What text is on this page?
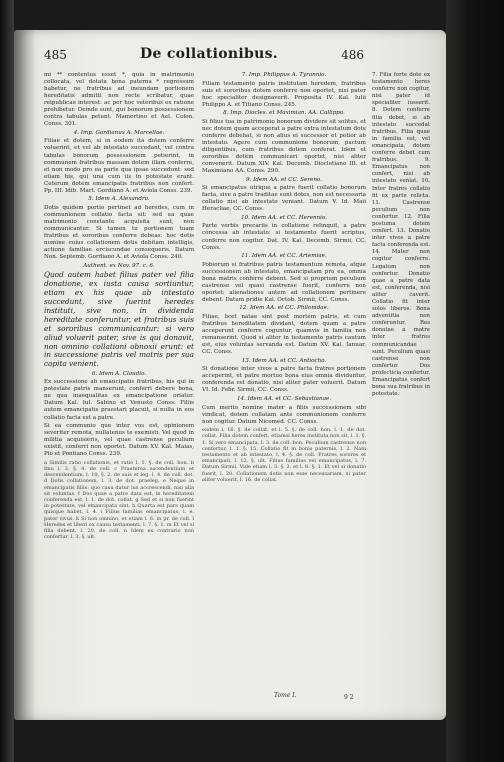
485	De collationibus.	486

mi ** contentus esset *, quia in matrimonio collocata, vel dotata bona paterna * regressum habetur, ne fratribus ad ineundam portionem hereditatis admitti non recte scribatur, quae reipublicae interest: ac per hoc veteribus ex ratione prohibetur. Deinde sunt, qui bonorum possessionem contra tabulas petunt. Mamertino et Ael. Colon. Conss. 301.

4. Imp. Gordianus A. Marcellae.

Filiae et dotem, si in eodem ita dotem conferre voluerint, et vel ab intestato succedant, vel contra tabulas bonorum possessionem petierint, in communem fratribus massam dotem illam conferre, et non modo pro ea parte qua ipsae succedunt: sed etiam his, qui una cum iis in potestate erant. Ceterum dotem emancipatis fratribus non confert. Pp. III. Idib. Mart. Gordiano A. et Aviola Conss. 239.

5. Idem A. Alexandro.

Dotis quidem portio pertinet ad heredes, cum in communionem collatio facta sit: sed ea quae matrimonio constante acquisita sunt, non communicantur. Si tamen tu portionem tuam fratribus et sororibus conferre debeas: hoc dotis nomine cuius collationem dotis debitam intelligis, actione familiae erciscundae consequeris. Datum Non. Septemb. Gordiano A. et Aviola Conss. 240.

Authent. ex Nov. 97. c. 6.

Quod autem habet filius pater vel filia donatione, ex iusta causa sortiuntur, etiam ex his quae ab intestato succedunt, sive fuerint heredes instituti, sive non, in dividenda hereditate conferuntur, et fratribus suis et sororibus communicantur: si vero aliud voluerit pater, sive is qui donavit, non omnino collationi obnoxii erunt: et in successione patris vel matris per sua capita venient.

6. Idem A. Claudio.

Ex successione ab emancipatis fratribus, his qui in potestate patris manserunt, conferri debere bona, ne qua inaequalitas ex emancipatione oriatur. Datum Kal. Iul. Sabino et Venusto Conss. Filiis autem emancipatis praestari placuit, si nulla in eos collatio facta est a patre.

Si ea communio que inter vos est, opinionem severiter remota, nullatenus te exemisti. Vel quod in militia acquisieris, vel quae castrense peculium existit, conferri non oportet. Datum XV. Kal. Maias, Pio et Pontiano Conss. 239.

a Similis ratio collationis, et ratio l. 1. §. de coll. bon. b Imo l. 3. §. 4. de coll. c Praeterea ascendentium et descendentium, l. 10. §. 2. de suis et leg. l. 4. de coll. dot. d Dotis collationem, l. 3. de dot. praeleg. e Neque in emancipatis filiis: quo casu datur ius accrescendi, nisi alia sit voluntas. f Dos quae a patre data est, in hereditatem conferenda est, l. 1. de dot. collat. g Sed et si non fuerint in potestate, vel emancipata sint. h Quarta est pars quam quisque habet, l. 4. i Filius familias emancipatus, i. e. pater vivus. k Si non omnino, et etiam l. 6. in pr. de coll. l Heredes et liberi ex causa testamenti, l. 7. §. 1. m Et vel si filia debent, l. 20. de coll. n Idem ex contrario non confertur, l. 3. §. ult.

7. Imp. Philippus A. Tyrannio.

Filiam testamento patris institutam heredem, fratribus suis et sororibus dotem conferre non oportet, nisi pater hoc specialiter designaverit. Proposita IV. Kal. Iulii Philippo A. et Titiano Conss. 245.

8. Imp. Diocles. et Maximian. AA. Callippo.

Si filius tua in patrimonio bonorum dividere sit solitus, et nec dotem quam acceperat a patre extra intestatum dote conferre debebat, si non alius ei successor et potior ab intestato. Agere cum communione bonorum, pactum diligentibus, cum fratribus dotem conferat. Idem et sororibus dotem communicari oportet, nisi aliter convenerit. Datum XIV. Kal. Decemb. Diocletiano III. et Maximiano AA. Conss. 290.

9. Idem AA. et CC. Sereno.

Si emancipatus utrique a patre fuerit collatio bonorum facta, sive a patre traditae sunt dotes, non est necessaria collatio nisi ab intestato veniant. Datum V. Id. Maii Heracliae, CC. Conss.

10. Idem AA. et CC. Herennio.

Parte verbis precariis in collatione relinquit, a patre concessa ab intestato: si testamento fuerit scriptus, conferre non cogitur. Dat. IV. Kal. Decemb. Sirmii, CC. Conss.

11. Idem AA. et CC. Artemiae.

Pobiorum si fratribus patris testamentum remota, atque successionem ab intestato, emancipatam pro ea, omnia bona matris conferre debent. Sed si proprium peculium castrense vel quasi castrense fuerit, conferre non oportet: alienationes autem ad collationem pertinere debent. Datum pridie Kal. Octob. Sirmii, CC. Conss.

12. Idem AA. et CC. Philonidae.

Filiae, licet natae sint post mortem patris, et cum fratribus hereditatem dividant, dotem quam a patre acceperunt conferre coguntur, quamvis in familia non remanserint. Quod si aliter in testamento patris cautum est, eius voluntas servanda est. Datum XV. Kal. Ianuar. CC. Conss.

13. Idem AA. et CC. Antiocho.

Si donatione inter vivos a patre facta fratres portionem acceperint, et patre mortuo bona eius omnia dividuntur, conferenda est donatio, nisi aliter pater voluerit. Datum VI. Id. Febr. Sirmii, CC. Conss.

14. Idem AA. et CC. Sebastianae.

Cum merito nomine mater a filiis successionem sibi vindicat, dotem collatam ante communionem conferre non cogitur. Datum Nicomed. CC. Conss.

eadem l. 16. §. de collat. et l. 5. §. de coll. bon. l. 1. de dot. collat. Filia dotem confert, etiamsi heres instituta non sit, l. 1. §. 1. Si vero emancipata, l. 3. de coll. bon. Peculium castrense non confertur, l. 1. §. 15. Collatio fit in bonis paternis, l. 2. Nam testamento et ab intestato, l. 4. §. de coll. Fratres sorores et emancipati, l. 12. §. ult. Filius familias vel emancipatus, l. 7. Datum Sirmii. Vide etiam l. 3. §. 2. et l. 8. §. 1. Et vel si donatio fuerit, l. 20. Collationem dotis non esse necessariam, si pater aliter voluerit, l. 16. de collat.

7. Filia forte dote ex testamento heres conferre non cogitur, nisi pater id specialiter iusserit. 8. Dotem conferre filia debet, si ab intestato succedat fratribus. Filia quae in familia est, vel emancipata, dotem conferre debet cum fratribus. 9. Emancipatus non confert, nisi ab intestato veniat. 10. Inter fratres collatio fit ex parte relicta. 11. Castrense peculium non confertur. 12. Filia postuma dotem confert. 13. Donatio inter vivos a patre facta conferenda est. 14. Mater non cogitur conferre. Legatum non confertur. Donatio quae a patre data est, conferenda, nisi aliter caverit. Collatio fit inter solos liberos. Bona adventitia non conferuntur. Res donatae a matre inter fratres communicandae sunt. Peculium quasi castrense non confertur. Dos profecticia confertur. Emancipatus confert bona sua fratribus in potestate.

Tome I.	9 2
